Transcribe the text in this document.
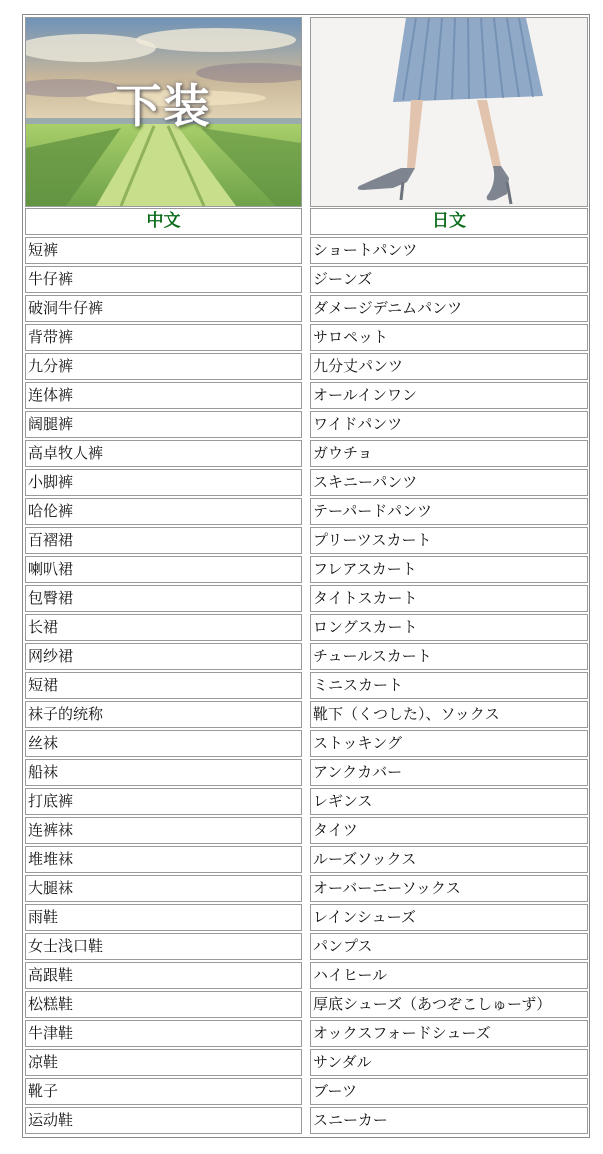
下装
中文	日文
短裤	ショートパンツ
牛仔裤	ジーンズ
破洞牛仔裤	ダメージデニムパンツ
背带裤	サロペット
九分裤	九分丈パンツ
连体裤	オールインワン
阔腿裤	ワイドパンツ
高卓牧人裤	ガウチョ
小脚裤	スキニーパンツ
哈伦裤	テーパードパンツ
百褶裙	プリーツスカート
喇叭裙	フレアスカート
包臀裙	タイトスカート
长裙	ロングスカート
网纱裙	チュールスカート
短裙	ミニスカート
袜子的统称	靴下（くつした）、ソックス
丝袜	ストッキング
船袜	アンクカバー
打底裤	レギンス
连裤袜	タイツ
堆堆袜	ルーズソックス
大腿袜	オーバーニーソックス
雨鞋	レインシューズ
女士浅口鞋	パンプス
高跟鞋	ハイヒール
松糕鞋	厚底シューズ（あつぞこしゅーず）
牛津鞋	オックスフォードシューズ
凉鞋	サンダル
靴子	ブーツ
运动鞋	スニーカー
